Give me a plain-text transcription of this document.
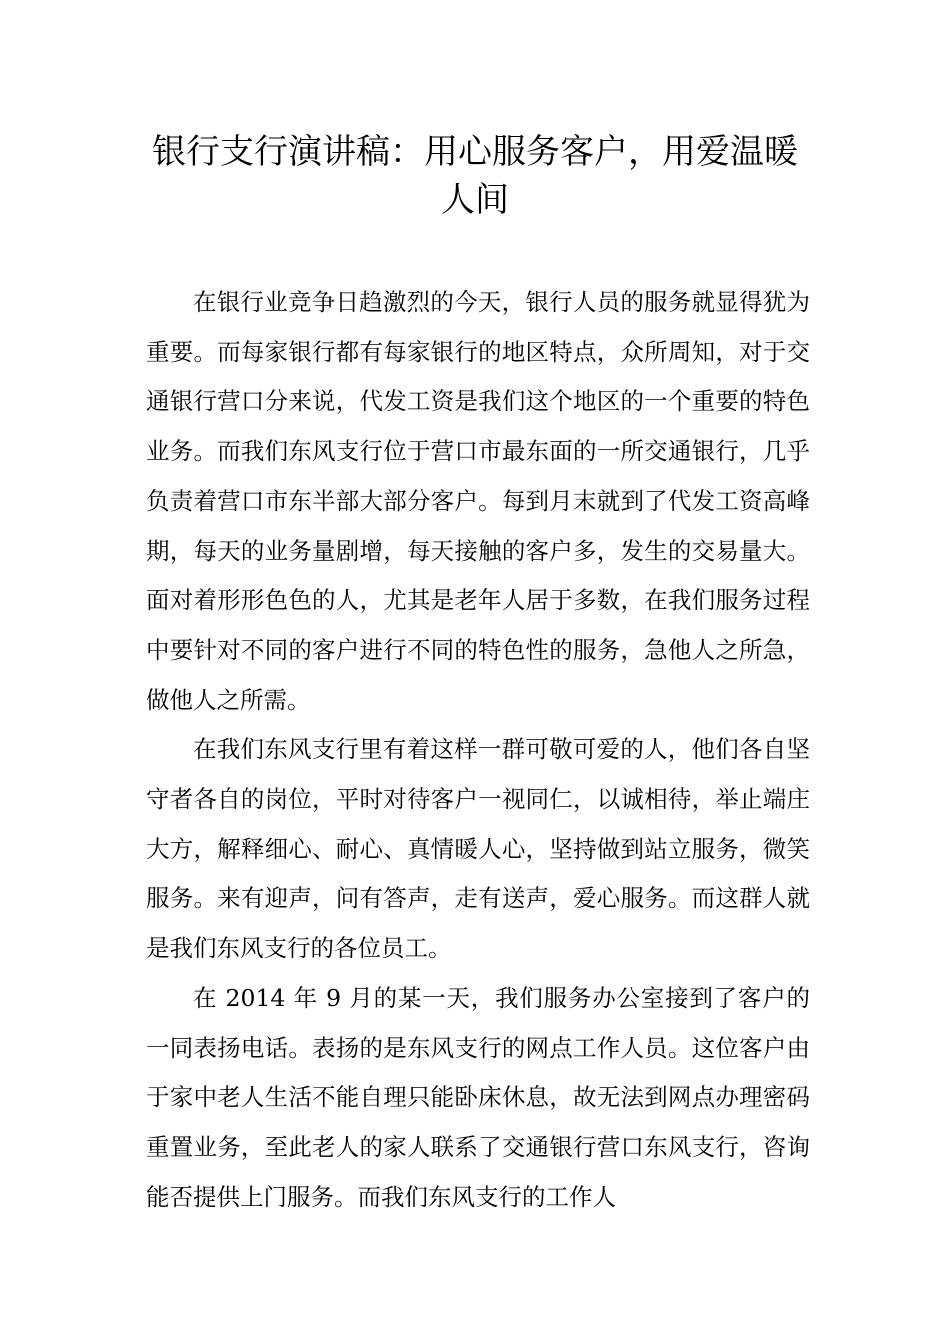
银行支行演讲稿：用心服务客户，用爱温暖人间

在银行业竞争日趋激烈的今天，银行人员的服务就显得犹为重要。而每家银行都有每家银行的地区特点，众所周知，对于交通银行营口分来说，代发工资是我们这个地区的一个重要的特色业务。而我们东风支行位于营口市最东面的一所交通银行，几乎负责着营口市东半部大部分客户。每到月末就到了代发工资高峰期，每天的业务量剧增，每天接触的客户多，发生的交易量大。面对着形形色色的人，尤其是老年人居于多数，在我们服务过程中要针对不同的客户进行不同的特色性的服务，急他人之所急，做他人之所需。

在我们东风支行里有着这样一群可敬可爱的人，他们各自坚守者各自的岗位，平时对待客户一视同仁，以诚相待，举止端庄大方，解释细心、耐心、真情暖人心，坚持做到站立服务，微笑服务。来有迎声，问有答声，走有送声，爱心服务。而这群人就是我们东风支行的各位员工。

在 2014 年 9 月的某一天，我们服务办公室接到了客户的一同表扬电话。表扬的是东风支行的网点工作人员。这位客户由于家中老人生活不能自理只能卧床休息，故无法到网点办理密码重置业务，至此老人的家人联系了交通银行营口东风支行，咨询能否提供上门服务。而我们东风支行的工作人
